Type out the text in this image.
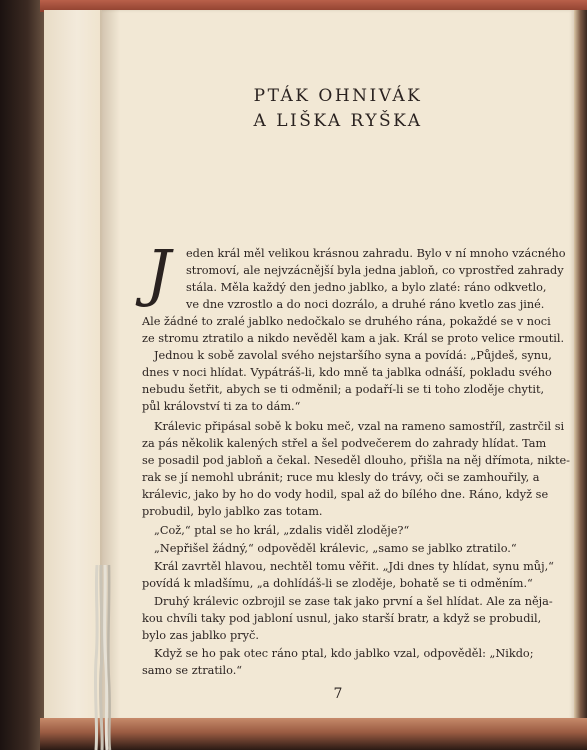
PTÁK OHNIVÁK
A LIŠKA RYŠKA
J eden král měl velikou krásnou zahradu. Bylo v ní mnoho vzácného

stromoví, ale nejvzácnější byla jedna jabloň, co vprostřed zahrady

stála. Měla každý den jedno jablko, a bylo zlaté: ráno odkvetlo,

ve dne vzrostlo a do noci dozrálo, a druhé ráno kvetlo zas jiné.

Ale žádné to zralé jablko nedočkalo se druhého rána, pokaždé se v noci

ze stromu ztratilo a nikdo nevěděl kam a jak. Král se proto velice rmoutil.

Jednou k sobě zavolal svého nejstaršího syna a povídá: „Půjdeš, synu,

dnes v noci hlídat. Vypátráš-li, kdo mně ta jablka odnáší, pokladu svého

nebudu šetřit, abych se ti odměnil; a podaří-li se ti toho zloděje chytit,

půl království ti za to dám.“

Králevic připásal sobě k boku meč, vzal na rameno samostříl, zastrčil si

za pás několik kalených střel a šel podvečerem do zahrady hlídat. Tam

se posadil pod jabloň a čekal. Neseděl dlouho, přišla na něj dřímota, nikte-

rak se jí nemohl ubránit; ruce mu klesly do trávy, oči se zamhouřily, a

králevic, jako by ho do vody hodil, spal až do bílého dne. Ráno, když se

probudil, bylo jablko zas totam.

„Což,“ ptal se ho král, „zdalis viděl zloděje?“

„Nepřišel žádný,“ odpověděl králevic, „samo se jablko ztratilo.“

Král zavrtěl hlavou, nechtěl tomu věřit. „Jdi dnes ty hlídat, synu můj,“

povídá k mladšímu, „a dohlídáš-li se zloděje, bohatě se ti odměním.“

Druhý králevic ozbrojil se zase tak jako první a šel hlídat. Ale za něja-

kou chvíli taky pod jabloní usnul, jako starší bratr, a když se probudil,

bylo zas jablko pryč.

Když se ho pak otec ráno ptal, kdo jablko vzal, odpověděl: „Nikdo;

samo se ztratilo.“

7
